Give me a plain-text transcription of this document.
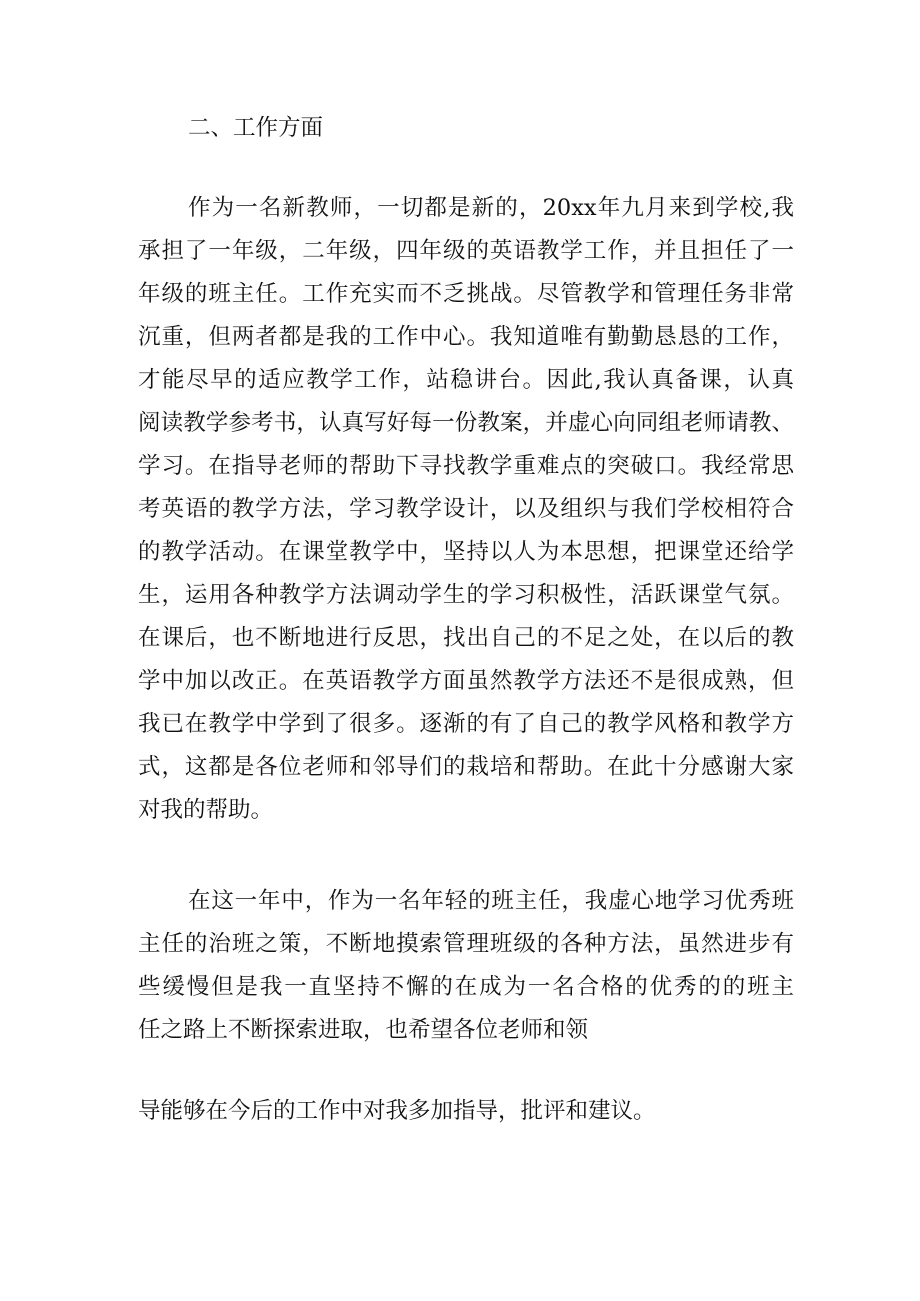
二、工作方面

作为一名新教师，一切都是新的，20xx年九月来到学校,我

承担了一年级，二年级，四年级的英语教学工作，并且担任了一

年级的班主任。工作充实而不乏挑战。尽管教学和管理任务非常

沉重，但两者都是我的工作中心。我知道唯有勤勤恳恳的工作，

才能尽早的适应教学工作，站稳讲台。因此,我认真备课，认真

阅读教学参考书，认真写好每一份教案，并虚心向同组老师请教、

学习。在指导老师的帮助下寻找教学重难点的突破口。我经常思

考英语的教学方法，学习教学设计，以及组织与我们学校相符合

的教学活动。在课堂教学中，坚持以人为本思想，把课堂还给学

生，运用各种教学方法调动学生的学习积极性，活跃课堂气氛。

在课后，也不断地进行反思，找出自己的不足之处，在以后的教

学中加以改正。在英语教学方面虽然教学方法还不是很成熟，但

我已在教学中学到了很多。逐渐的有了自己的教学风格和教学方

式，这都是各位老师和邻导们的栽培和帮助。在此十分感谢大家

对我的帮助。

在这一年中，作为一名年轻的班主任，我虚心地学习优秀班

主任的治班之策，不断地摸索管理班级的各种方法，虽然进步有

些缓慢但是我一直坚持不懈的在成为一名合格的优秀的的班主

任之路上不断探索进取，也希望各位老师和领

导能够在今后的工作中对我多加指导，批评和建议。
